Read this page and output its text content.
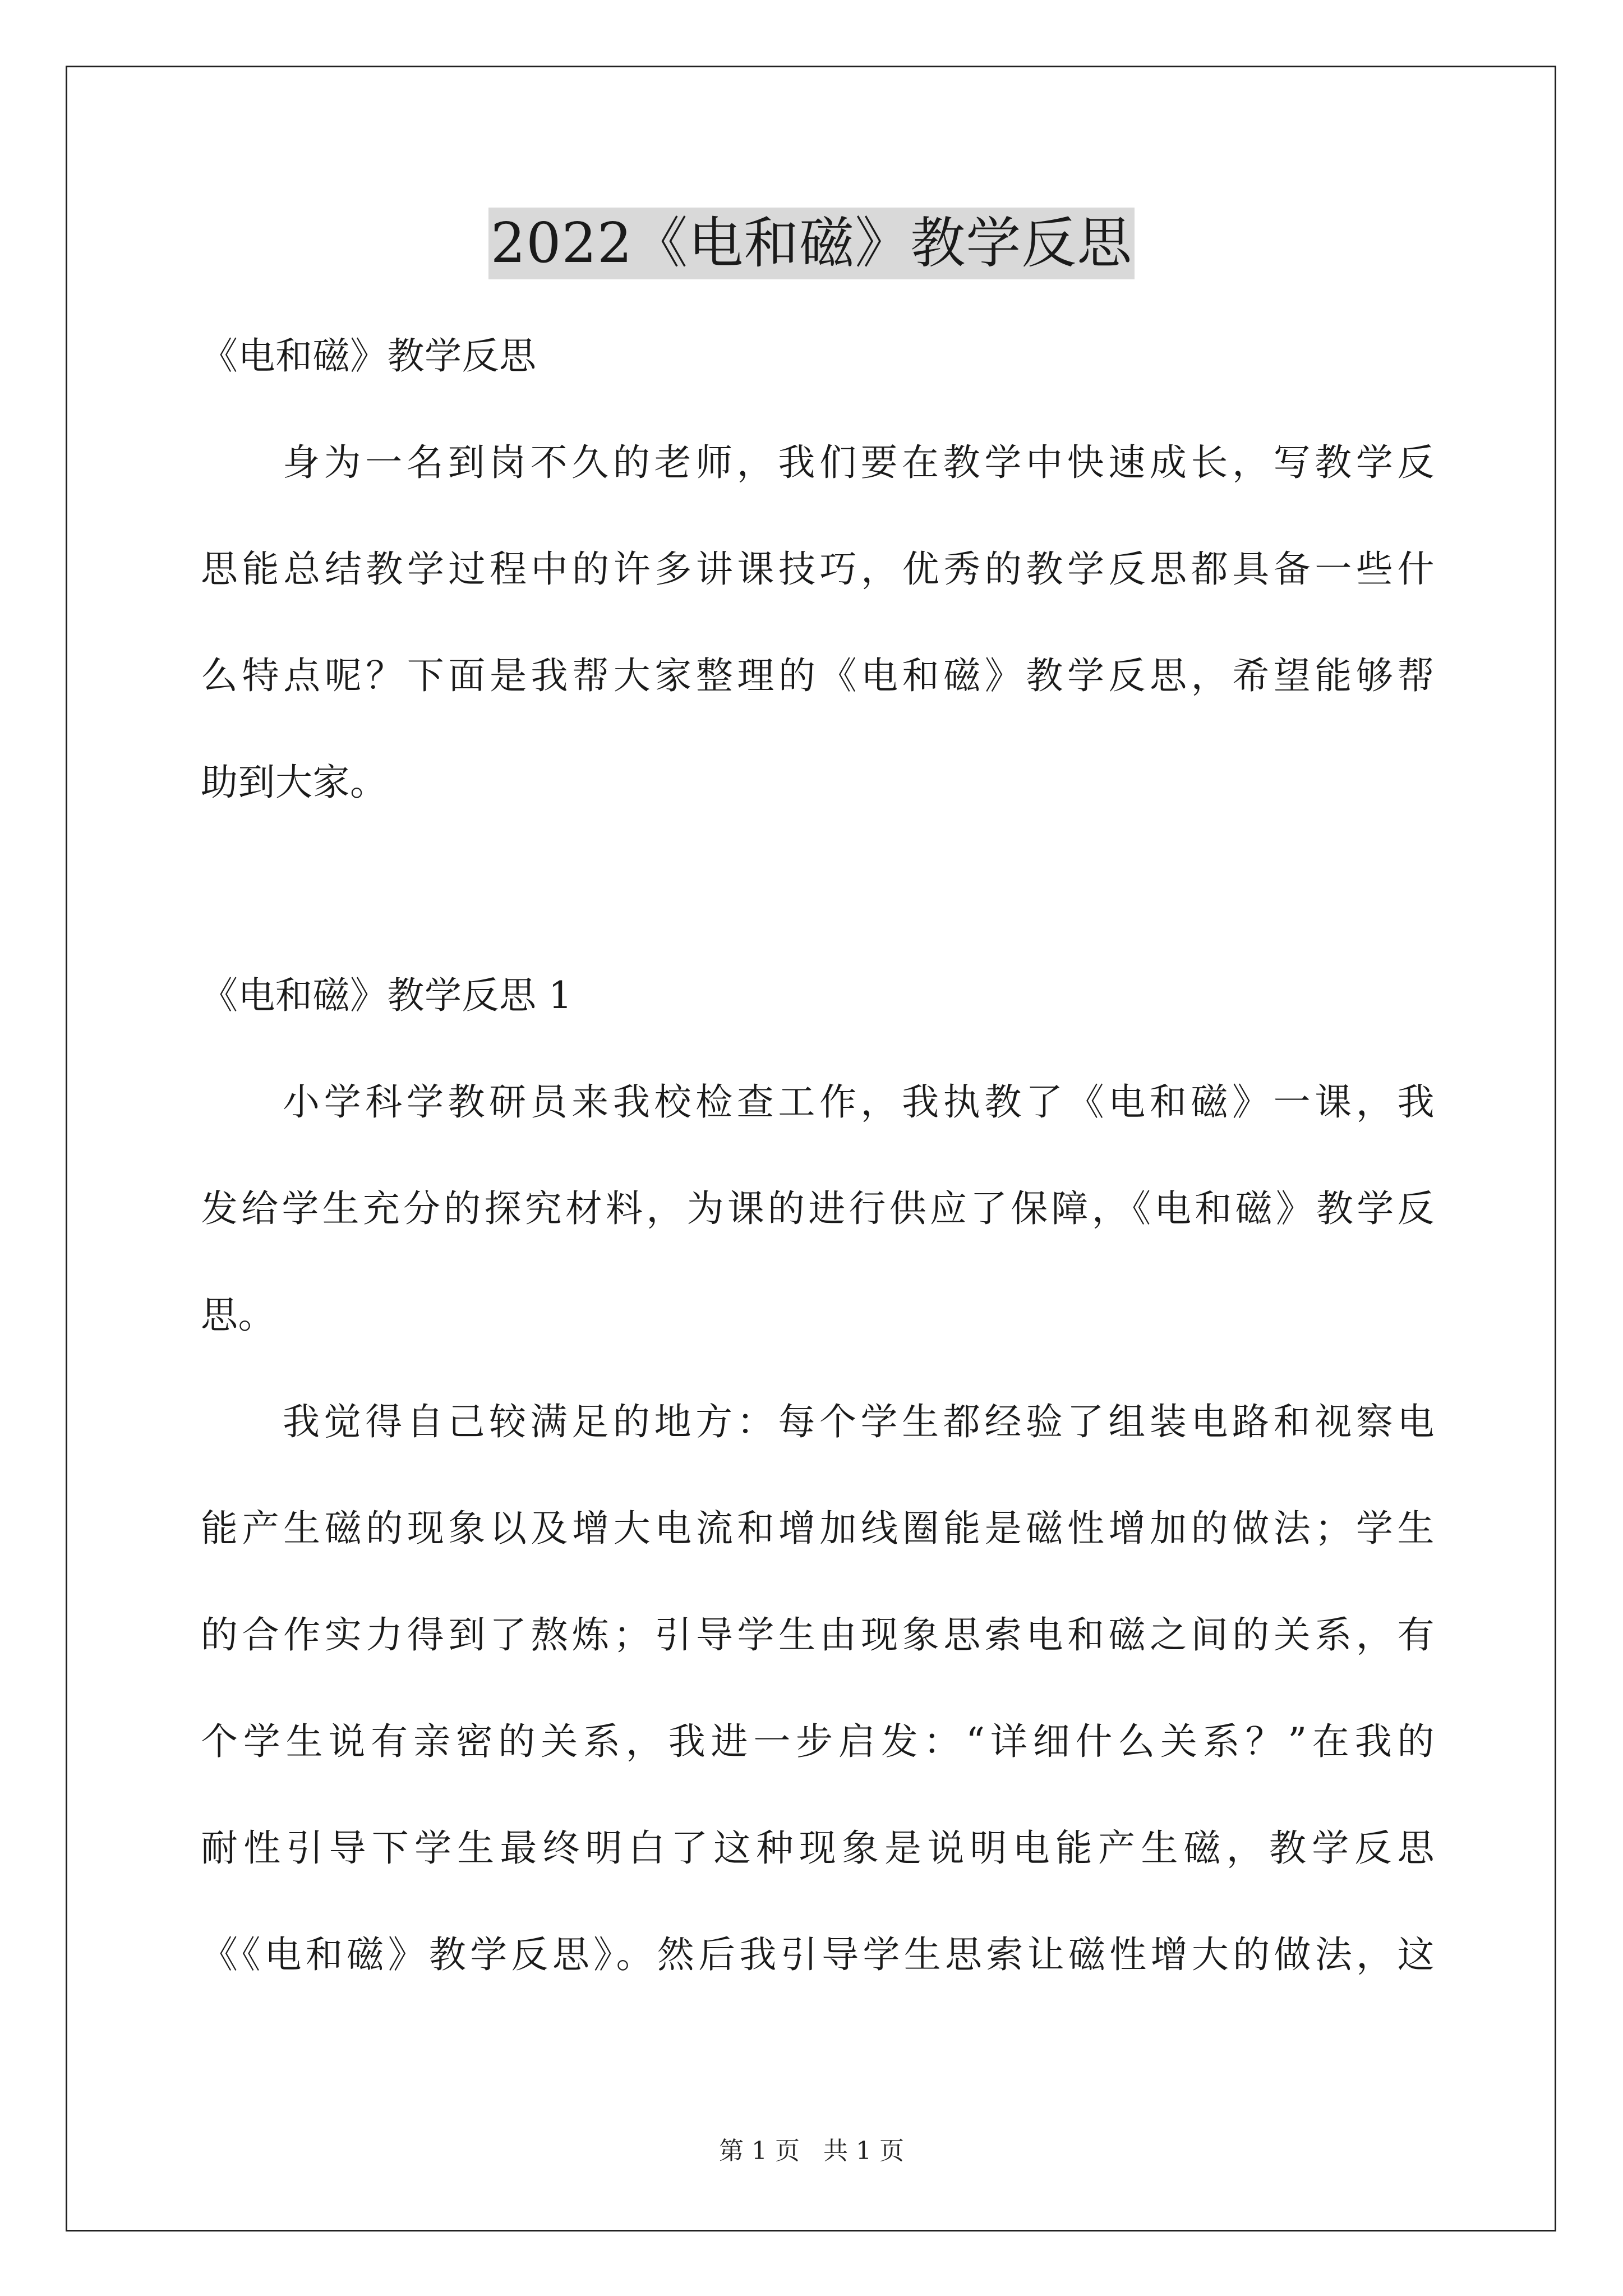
2022《电和磁》教学反思
《电和磁》教学反思
身为一名到岗不久的老师，我们要在教学中快速成长，写教学反
思能总结教学过程中的许多讲课技巧，优秀的教学反思都具备一些什
么特点呢？下面是我帮大家整理的《电和磁》教学反思，希望能够帮
助到大家。
《电和磁》教学反思 1
小学科学教研员来我校检查工作，我执教了《电和磁》一课，我
发给学生充分的探究材料，为课的进行供应了保障，《电和磁》教学反
思。
我觉得自己较满足的地方：每个学生都经验了组装电路和视察电
能产生磁的现象以及增大电流和增加线圈能是磁性增加的做法；学生
的合作实力得到了熬炼；引导学生由现象思索电和磁之间的关系，有
个学生说有亲密的关系，我进一步启发：“详细什么关系？”在我的
耐性引导下学生最终明白了这种现象是说明电能产生磁，教学反思
《《电和磁》教学反思》。然后我引导学生思索让磁性增大的做法，这
第 1 页 共 1 页
